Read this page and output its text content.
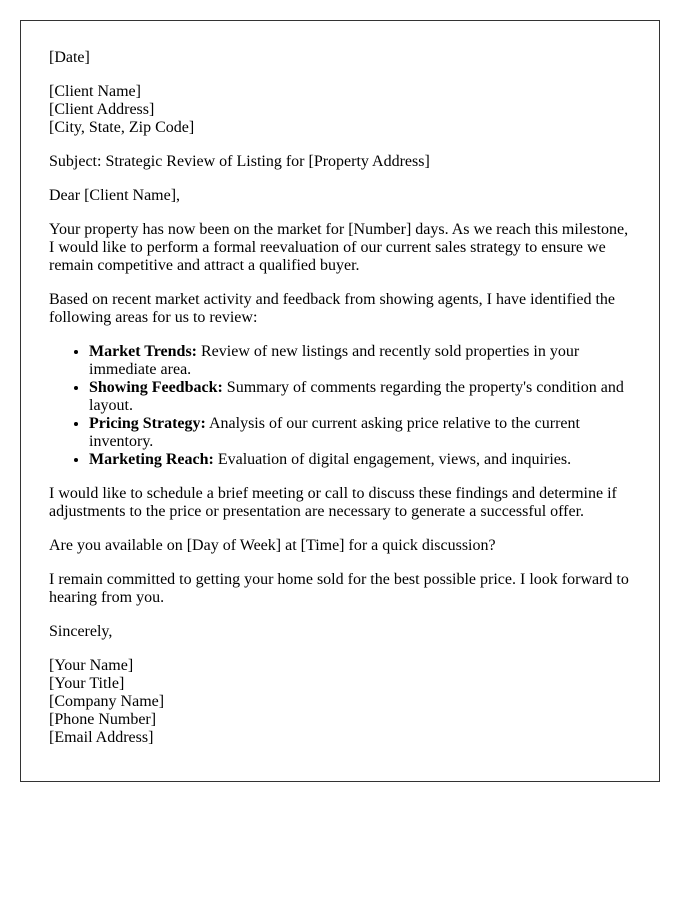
[Date]

[Client Name]
[Client Address]
[City, State, Zip Code]

Subject: Strategic Review of Listing for [Property Address]

Dear [Client Name],

Your property has now been on the market for [Number] days. As we reach this milestone, I would like to perform a formal reevaluation of our current sales strategy to ensure we remain competitive and attract a qualified buyer.

Based on recent market activity and feedback from showing agents, I have identified the following areas for us to review:

• Market Trends: Review of new listings and recently sold properties in your immediate area.
• Showing Feedback: Summary of comments regarding the property's condition and layout.
• Pricing Strategy: Analysis of our current asking price relative to the current inventory.
• Marketing Reach: Evaluation of digital engagement, views, and inquiries.

I would like to schedule a brief meeting or call to discuss these findings and determine if adjustments to the price or presentation are necessary to generate a successful offer.

Are you available on [Day of Week] at [Time] for a quick discussion?

I remain committed to getting your home sold for the best possible price. I look forward to hearing from you.

Sincerely,

[Your Name]
[Your Title]
[Company Name]
[Phone Number]
[Email Address]
